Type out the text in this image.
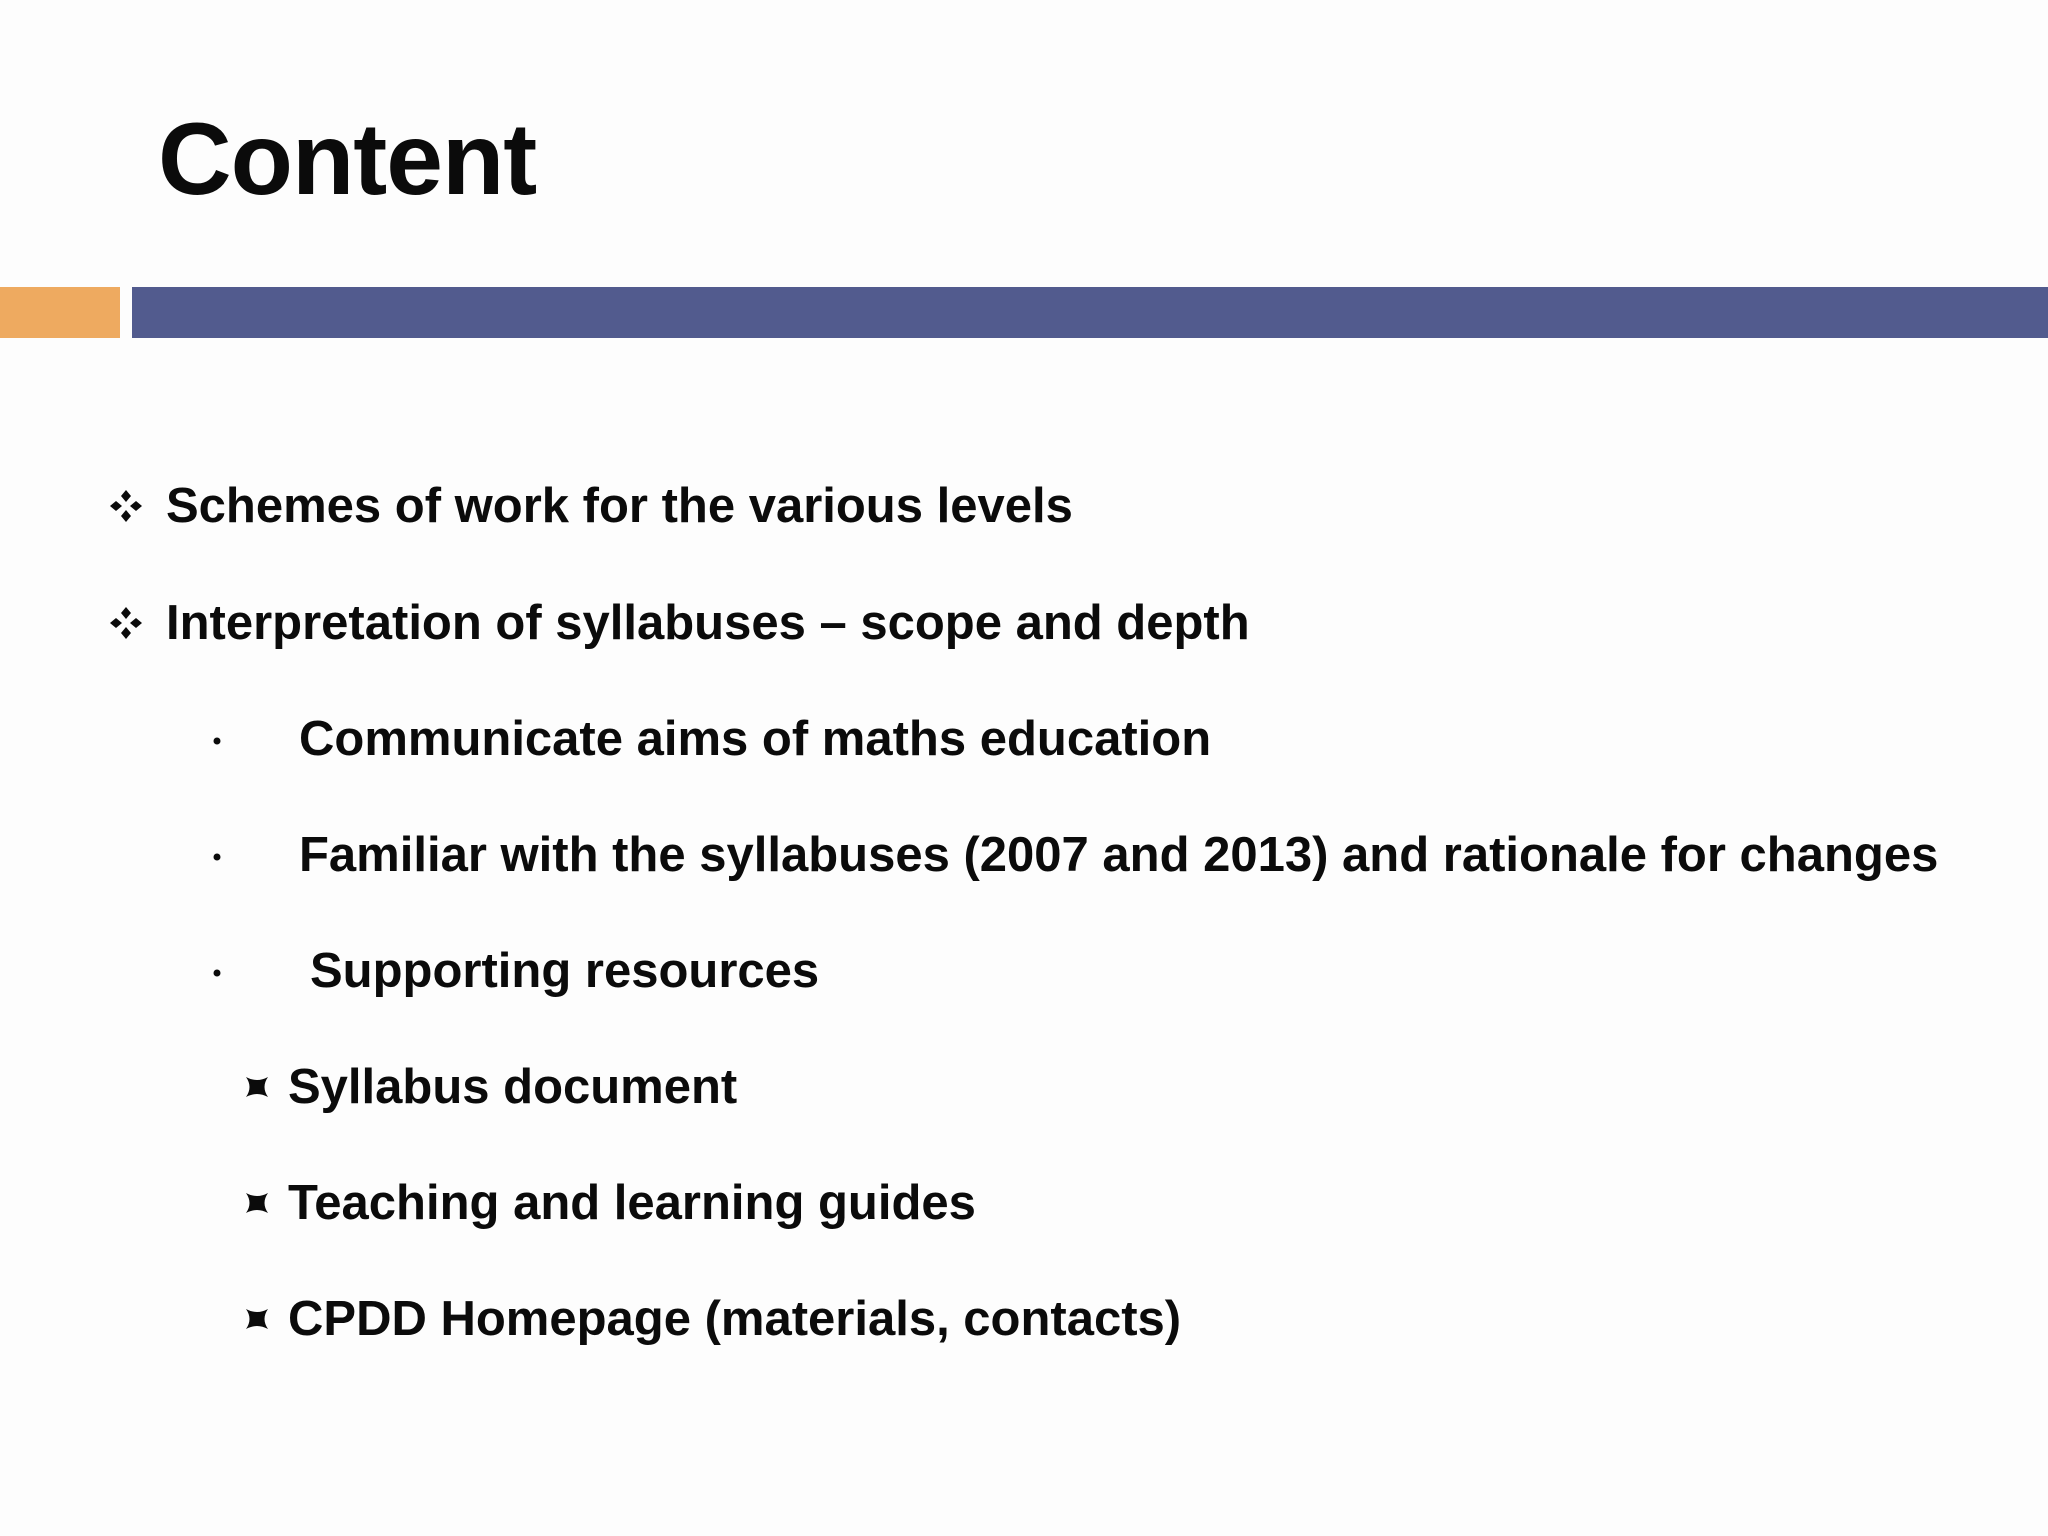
Content
Schemes of work for the various levels
Interpretation of syllabuses – scope and depth
Communicate aims of maths education
Familiar with the syllabuses (2007 and 2013) and rationale for changes
Supporting resources
Syllabus document
Teaching and learning guides
CPDD Homepage (materials, contacts)
